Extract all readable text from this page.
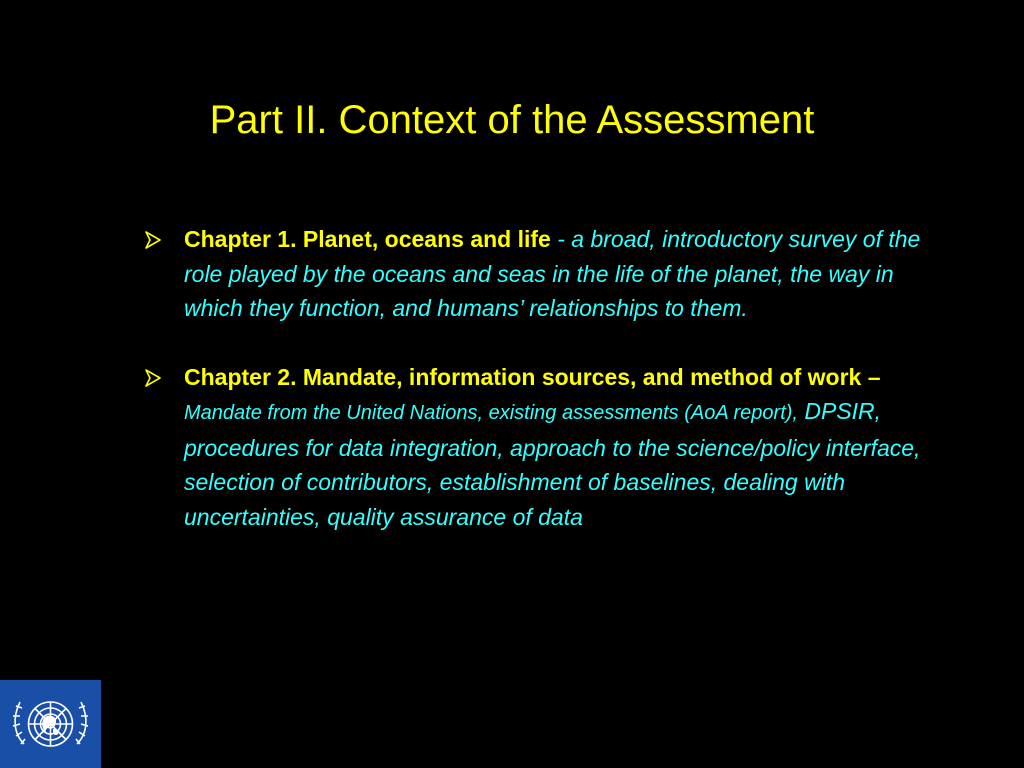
Part II. Context of the Assessment
Chapter 1. Planet, oceans and life - a broad, introductory survey of the role played by the oceans and seas in the life of the planet, the way in which they function, and humans’ relationships to them.
Chapter 2. Mandate, information sources, and method of work – Mandate from the United Nations, existing assessments (AoA report), DPSIR, procedures for data integration, approach to the science/policy interface, selection of contributors, establishment of baselines, dealing with uncertainties, quality assurance of data
